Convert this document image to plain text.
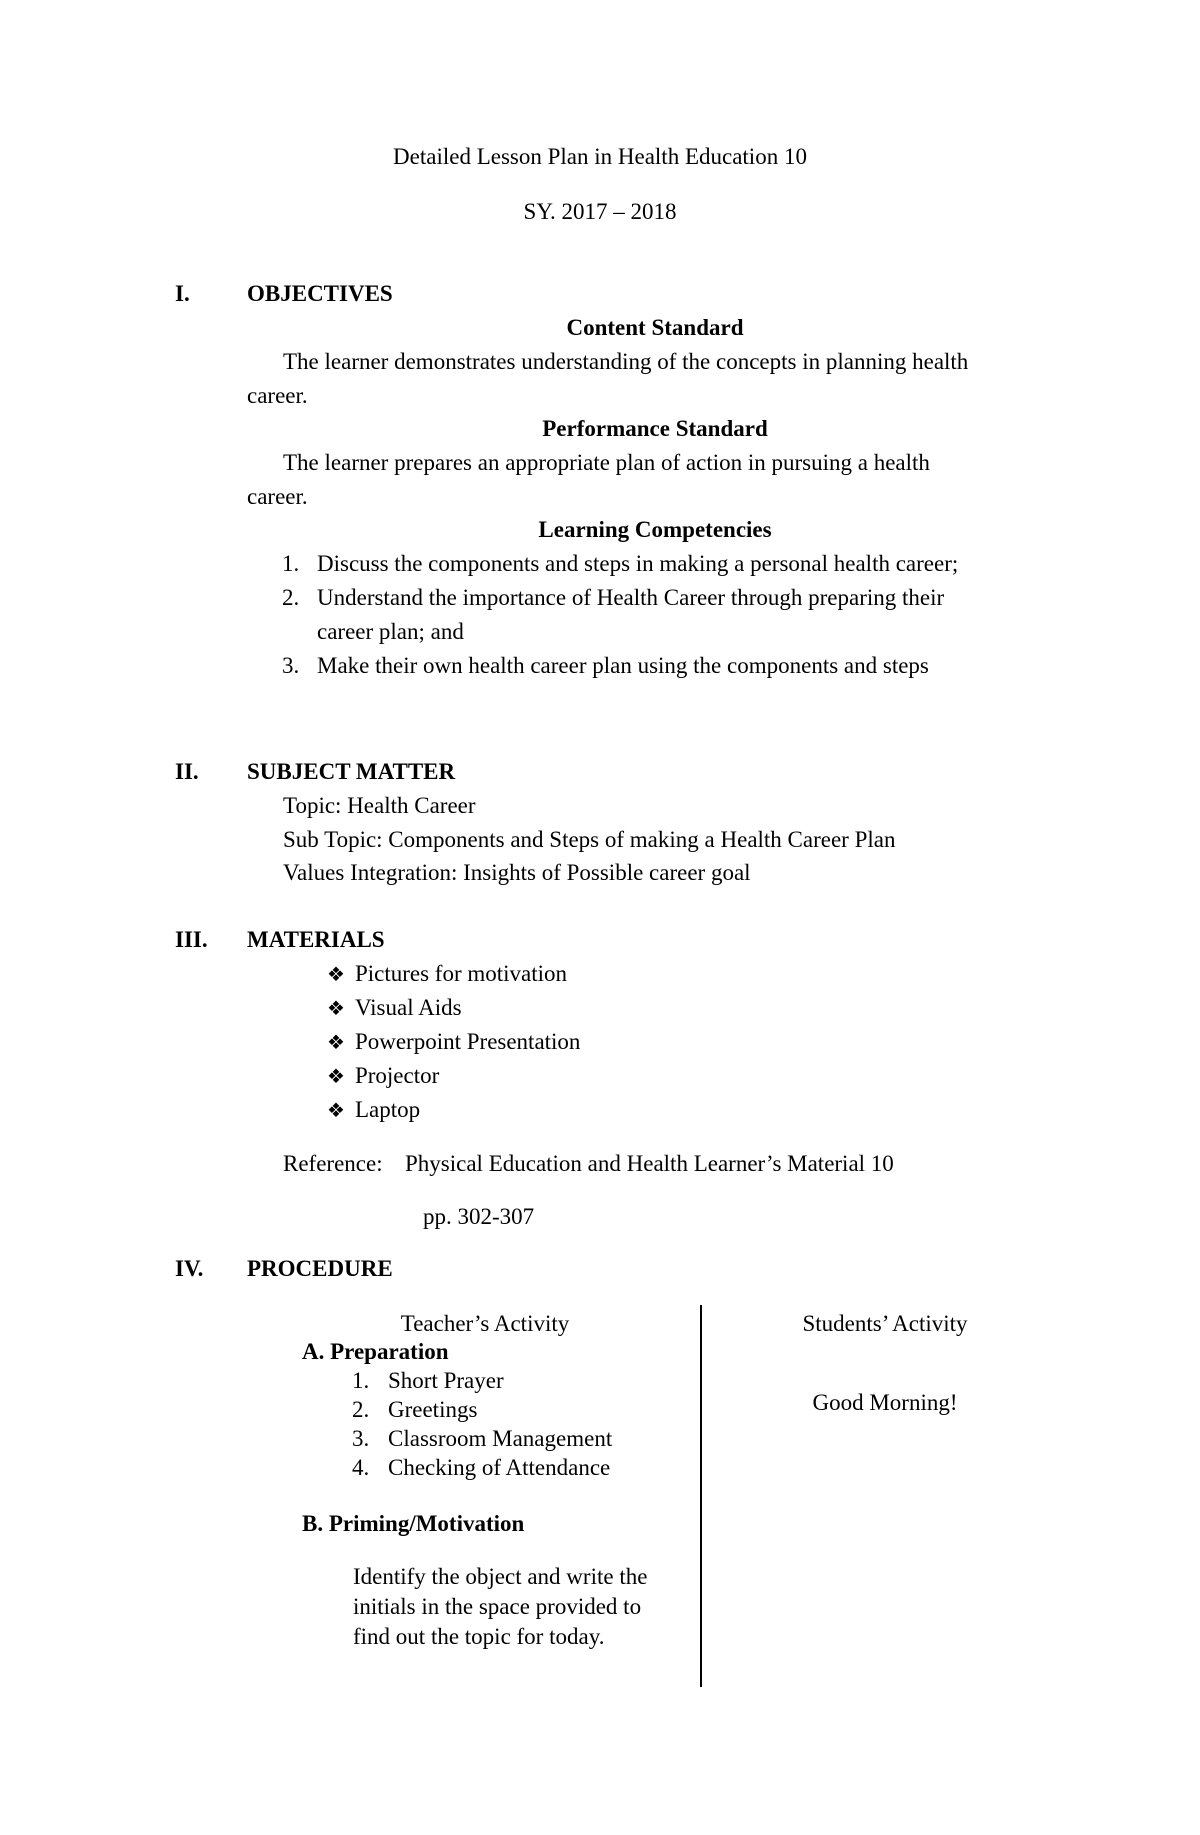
Detailed Lesson Plan in Health Education 10
SY. 2017 – 2018
I. OBJECTIVES
Content Standard
The learner demonstrates understanding of the concepts in planning health
career.
Performance Standard
The learner prepares an appropriate plan of action in pursuing a health
career.
Learning Competencies
1. Discuss the components and steps in making a personal health career;
2. Understand the importance of Health Career through preparing their
career plan; and
3. Make their own health career plan using the components and steps
II. SUBJECT MATTER
Topic: Health Career
Sub Topic: Components and Steps of making a Health Career Plan
Values Integration: Insights of Possible career goal
III. MATERIALS
❖ Pictures for motivation
❖ Visual Aids
❖ Powerpoint Presentation
❖ Projector
❖ Laptop
Reference: Physical Education and Health Learner’s Material 10
pp. 302-307
IV. PROCEDURE
Teacher’s Activity	Students’ Activity
A. Preparation
1. Short Prayer
2. Greetings
3. Classroom Management
4. Checking of Attendance
Good Morning!
B. Priming/Motivation
Identify the object and write the
initials in the space provided to
find out the topic for today.
